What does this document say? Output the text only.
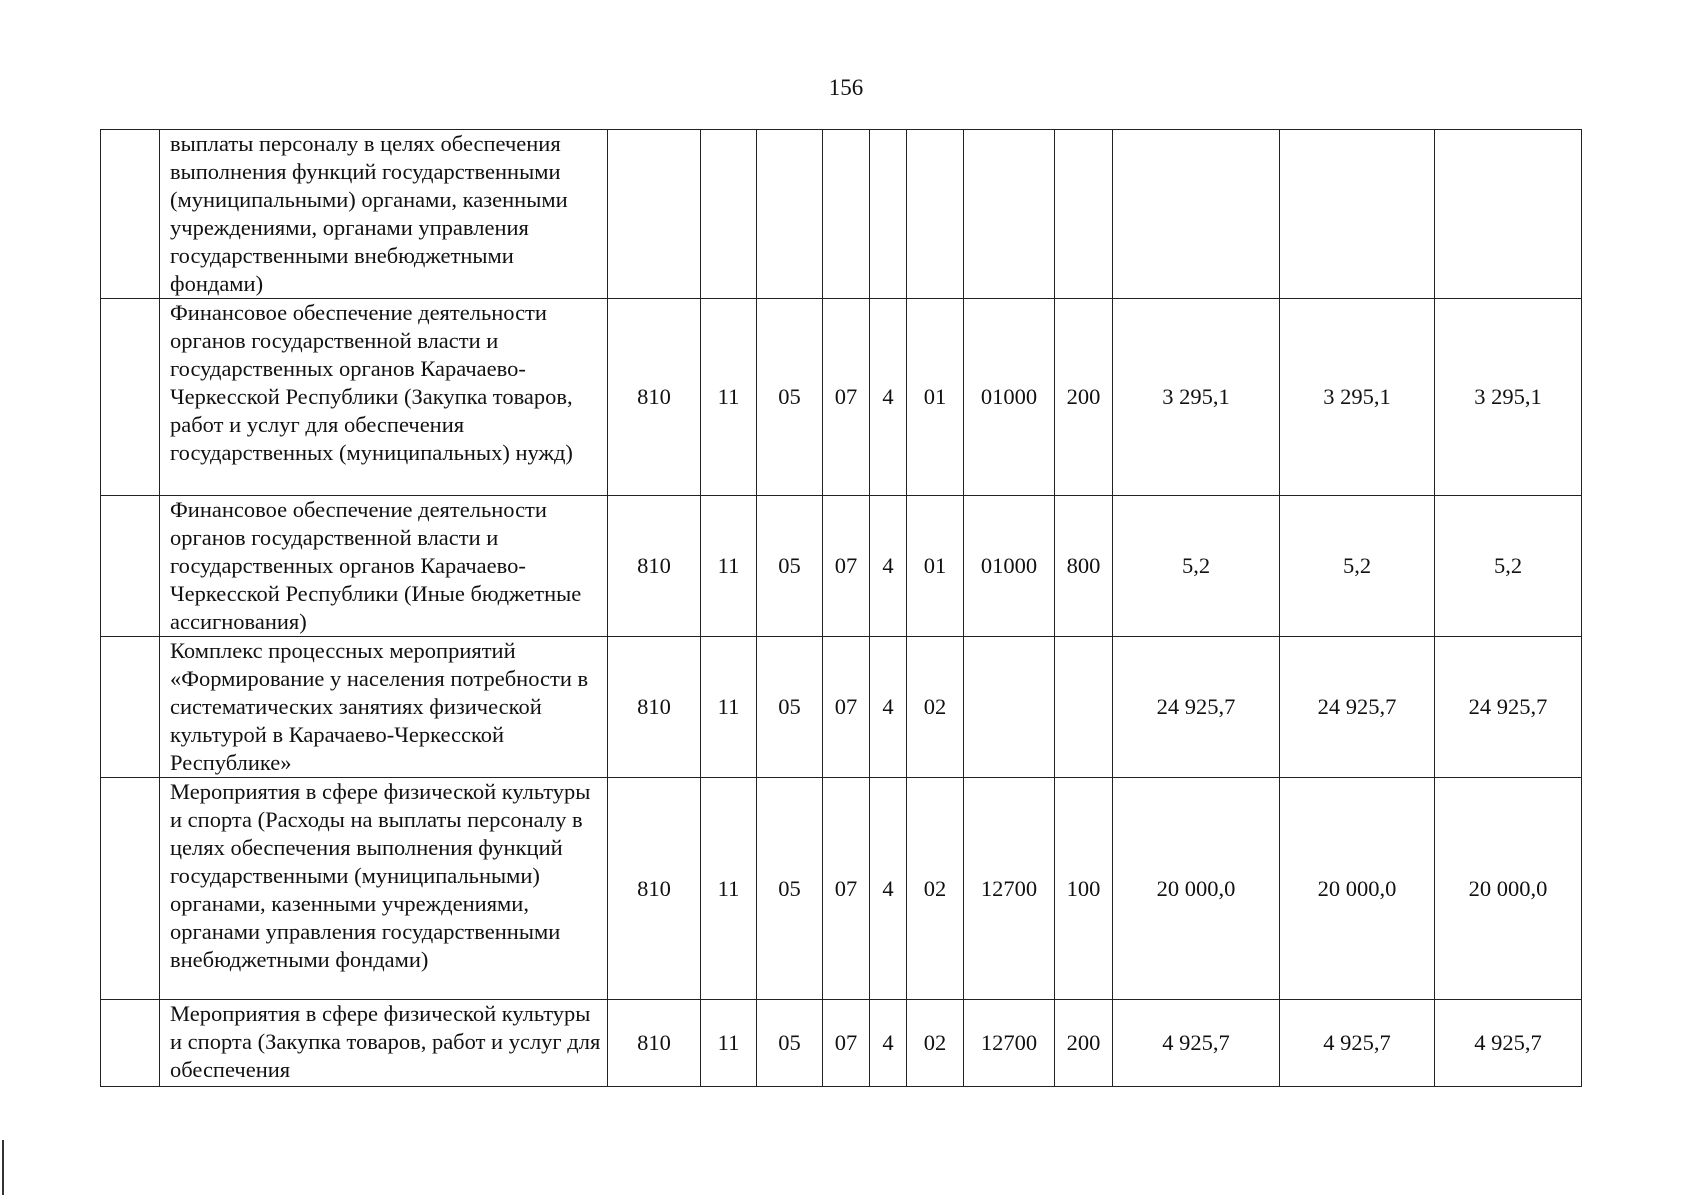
156
	выплаты персоналу в целях обеспечения выполнения функций государственными (муниципальными) органами, казенными учреждениями, органами управления государственными внебюджетными фондами)											
	Финансовое обеспечение деятельности органов государственной власти и государственных органов Карачаево-Черкесской Республики (Закупка товаров, работ и услуг для обеспечения государственных (муниципальных) нужд)	810	11	05	07	4	01	01000	200	3 295,1	3 295,1	3 295,1
	Финансовое обеспечение деятельности органов государственной власти и государственных органов Карачаево-Черкесской Республики (Иные бюджетные ассигнования)	810	11	05	07	4	01	01000	800	5,2	5,2	5,2
	Комплекс процессных мероприятий «Формирование у населения потребности в систематических занятиях физической культурой в Карачаево-Черкесской Республике»	810	11	05	07	4	02			24 925,7	24 925,7	24 925,7
	Мероприятия в сфере физической культуры и спорта (Расходы на выплаты персоналу в целях обеспечения выполнения функций государственными (муниципальными) органами, казенными учреждениями, органами управления государственными внебюджетными фондами)	810	11	05	07	4	02	12700	100	20 000,0	20 000,0	20 000,0
	Мероприятия в сфере физической культуры и спорта (Закупка товаров, работ и услуг для обеспечения	810	11	05	07	4	02	12700	200	4 925,7	4 925,7	4 925,7
